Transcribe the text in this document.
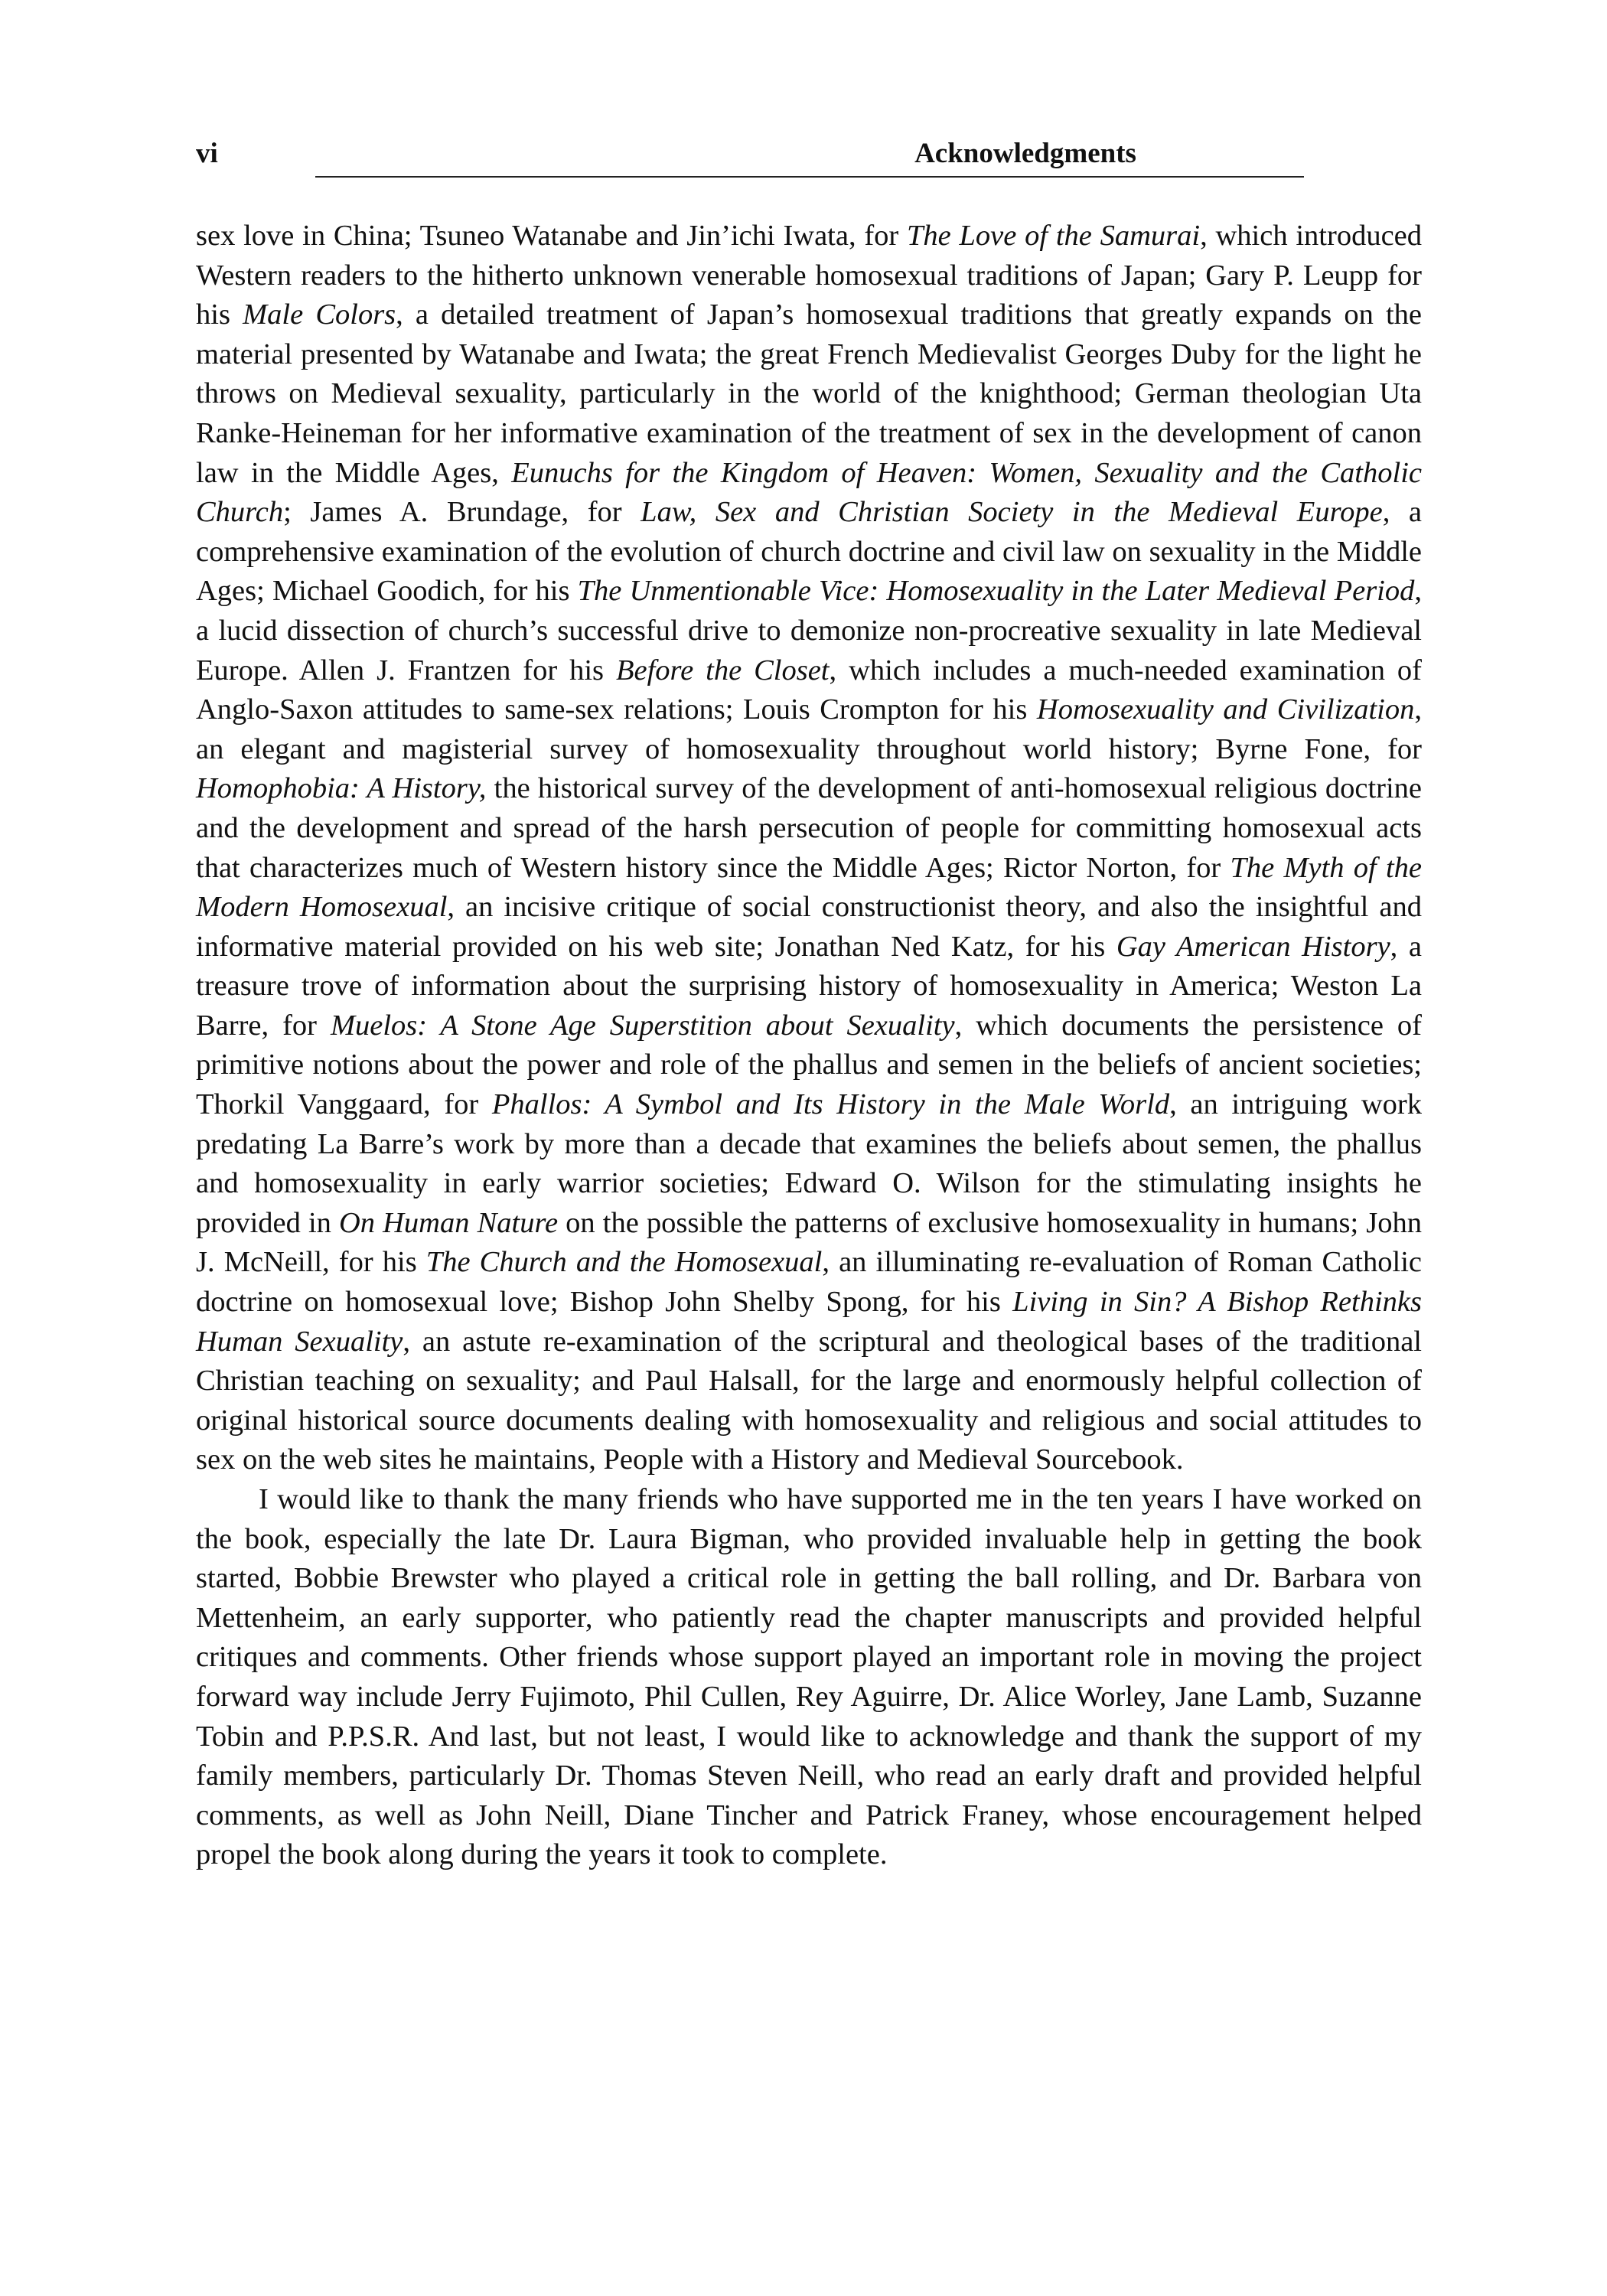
vi	Acknowledgments

sex love in China; Tsuneo Watanabe and Jin’ichi Iwata, for The Love of the Samurai, which introduced Western readers to the hitherto unknown venerable homosexual traditions of Japan; Gary P. Leupp for his Male Colors, a detailed treatment of Japan’s homosexual traditions that greatly expands on the material presented by Watanabe and Iwata; the great French Medievalist Georges Duby for the light he throws on Medieval sexuality, particularly in the world of the knighthood; German theologian Uta Ranke-Heineman for her informative examination of the treatment of sex in the development of canon law in the Middle Ages, Eunuchs for the Kingdom of Heaven: Women, Sexuality and the Catholic Church; James A. Brundage, for Law, Sex and Christian Society in the Medieval Europe, a comprehensive examination of the evolution of church doctrine and civil law on sexuality in the Middle Ages; Michael Goodich, for his The Unmentionable Vice: Homosexuality in the Later Medieval Period, a lucid dissection of church’s successful drive to demonize non-procreative sexuality in late Medieval Europe. Allen J. Frantzen for his Before the Closet, which includes a much-needed examination of Anglo-Saxon attitudes to same-sex relations; Louis Crompton for his Homosexuality and Civilization, an elegant and magisterial survey of homosexuality throughout world history; Byrne Fone, for Homophobia: A History, the historical survey of the development of anti-homosexual religious doctrine and the development and spread of the harsh persecution of people for committing homosexual acts that characterizes much of Western history since the Middle Ages; Rictor Norton, for The Myth of the Modern Homosexual, an incisive critique of social constructionist theory, and also the insightful and informative material provided on his web site; Jonathan Ned Katz, for his Gay American History, a treasure trove of information about the surprising history of homosexuality in America; Weston La Barre, for Muelos: A Stone Age Superstition about Sexuality, which documents the persistence of primitive notions about the power and role of the phallus and semen in the beliefs of ancient societies; Thorkil Vanggaard, for Phallos: A Symbol and Its History in the Male World, an intriguing work predating La Barre’s work by more than a decade that examines the beliefs about semen, the phallus and homosexuality in early warrior societies; Edward O. Wilson for the stimulating insights he provided in On Human Nature on the possible the patterns of exclusive homosexuality in humans; John J. McNeill, for his The Church and the Homosexual, an illuminating re-evaluation of Roman Catholic doctrine on homosexual love; Bishop John Shelby Spong, for his Living in Sin? A Bishop Rethinks Human Sexuality, an astute re-examination of the scriptural and theological bases of the traditional Christian teaching on sexuality; and Paul Halsall, for the large and enormously helpful collection of original historical source documents dealing with homosexuality and religious and social attitudes to sex on the web sites he maintains, People with a History and Medieval Sourcebook.

I would like to thank the many friends who have supported me in the ten years I have worked on the book, especially the late Dr. Laura Bigman, who provided invaluable help in getting the book started, Bobbie Brewster who played a critical role in getting the ball rolling, and Dr. Barbara von Mettenheim, an early supporter, who patiently read the chapter manuscripts and provided helpful critiques and comments. Other friends whose support played an important role in moving the project forward way include Jerry Fujimoto, Phil Cullen, Rey Aguirre, Dr. Alice Worley, Jane Lamb, Suzanne Tobin and P.P.S.R. And last, but not least, I would like to acknowledge and thank the support of my family members, particularly Dr. Thomas Steven Neill, who read an early draft and provided helpful comments, as well as John Neill, Diane Tincher and Patrick Franey, whose encouragement helped propel the book along during the years it took to complete.
